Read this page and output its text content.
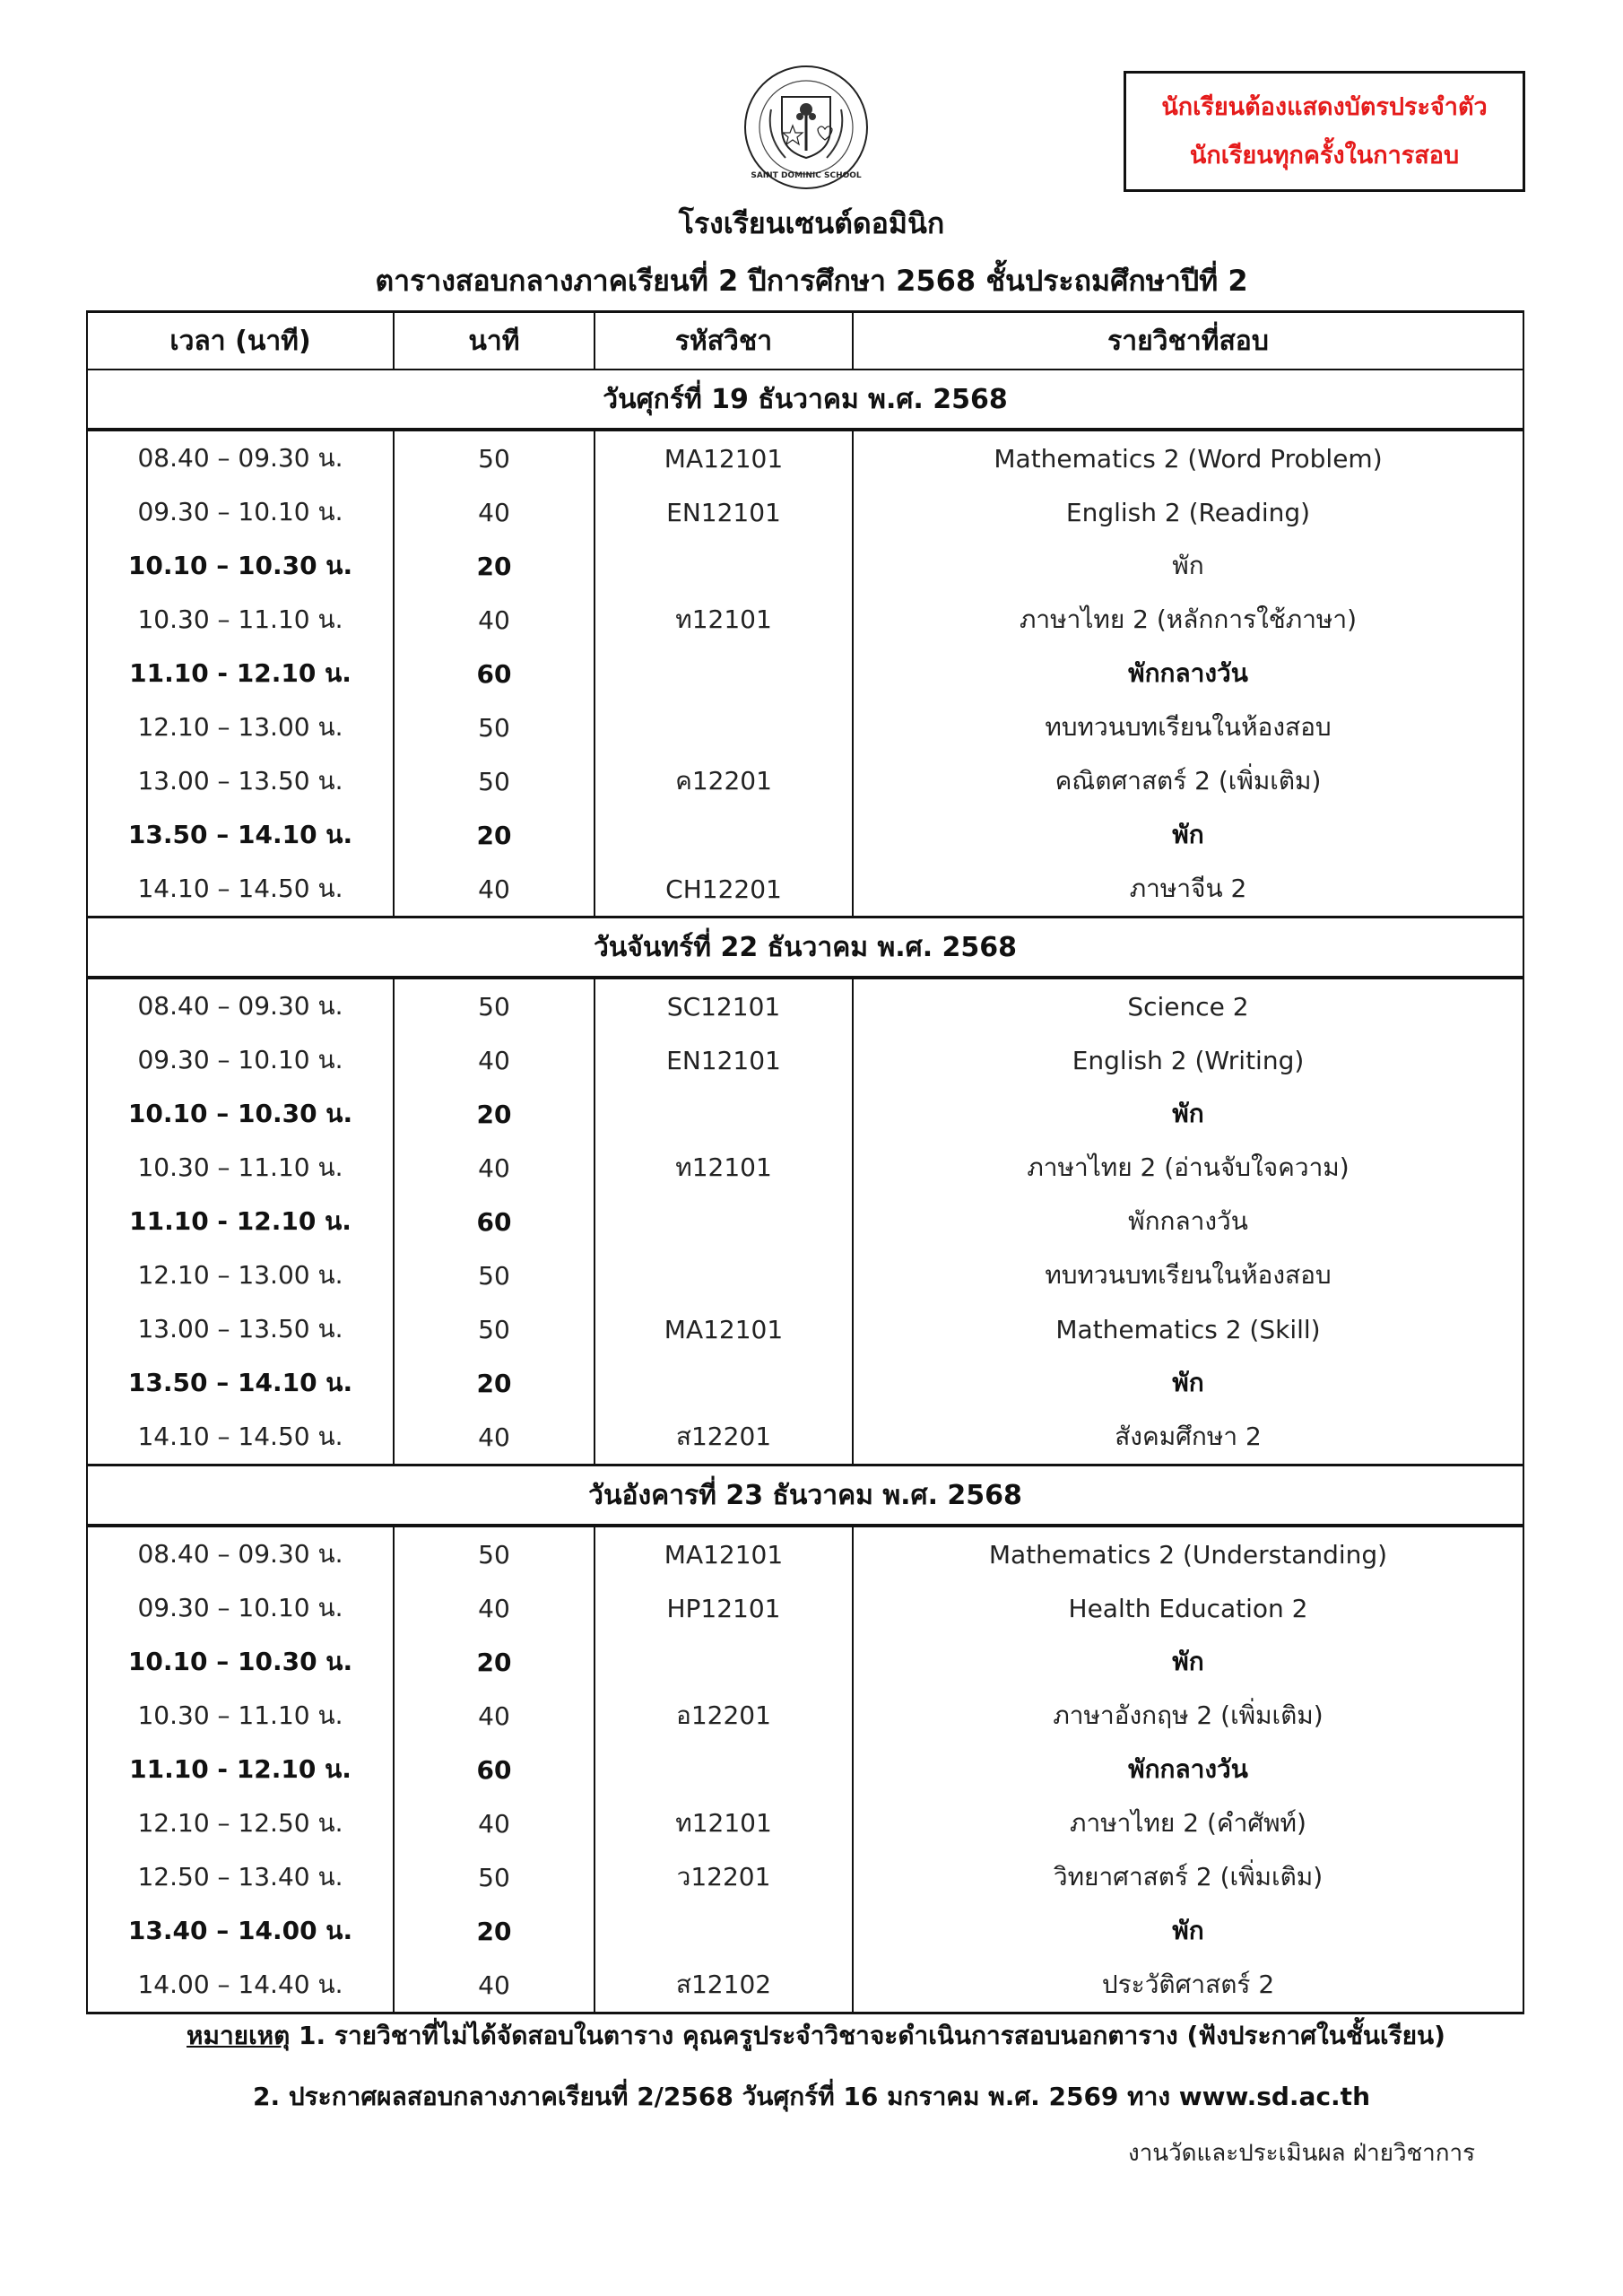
SAINT DOMINIC SCHOOL
นักเรียนต้องแสดงบัตรประจำตัว
นักเรียนทุกครั้งในการสอบ
โรงเรียนเซนต์ดอมินิก
ตารางสอบกลางภาคเรียนที่ 2 ปีการศึกษา 2568 ชั้นประถมศึกษาปีที่ 2
เวลา (นาที)	นาที	รหัสวิชา	รายวิชาที่สอบ
วันศุกร์ที่ 19 ธันวาคม พ.ศ. 2568			
08.40 – 09.30 น.	50	MA12101	Mathematics 2 (Word Problem)
09.30 – 10.10 น.	40	EN12101	English 2 (Reading)
10.10 – 10.30 น.	20		พัก
10.30 – 11.10 น.	40	ท12101	ภาษาไทย 2 (หลักการใช้ภาษา)
11.10 - 12.10 น.	60		พักกลางวัน
12.10 – 13.00 น.	50		ทบทวนบทเรียนในห้องสอบ
13.00 – 13.50 น.	50	ค12201	คณิตศาสตร์ 2 (เพิ่มเติม)
13.50 – 14.10 น.	20		พัก
14.10 – 14.50 น.	40	CH12201	ภาษาจีน 2
วันจันทร์ที่ 22 ธันวาคม พ.ศ. 2568			
08.40 – 09.30 น.	50	SC12101	Science 2
09.30 – 10.10 น.	40	EN12101	English 2 (Writing)
10.10 – 10.30 น.	20		พัก
10.30 – 11.10 น.	40	ท12101	ภาษาไทย 2 (อ่านจับใจความ)
11.10 - 12.10 น.	60		พักกลางวัน
12.10 – 13.00 น.	50		ทบทวนบทเรียนในห้องสอบ
13.00 – 13.50 น.	50	MA12101	Mathematics 2 (Skill)
13.50 – 14.10 น.	20		พัก
14.10 – 14.50 น.	40	ส12201	สังคมศึกษา 2
วันอังคารที่ 23 ธันวาคม พ.ศ. 2568			
08.40 – 09.30 น.	50	MA12101	Mathematics 2 (Understanding)
09.30 – 10.10 น.	40	HP12101	Health Education 2
10.10 – 10.30 น.	20		พัก
10.30 – 11.10 น.	40	อ12201	ภาษาอังกฤษ 2 (เพิ่มเติม)
11.10 - 12.10 น.	60		พักกลางวัน
12.10 – 12.50 น.	40	ท12101	ภาษาไทย 2 (คำศัพท์)
12.50 – 13.40 น.	50	ว12201	วิทยาศาสตร์ 2 (เพิ่มเติม)
13.40 – 14.00 น.	20		พัก
14.00 – 14.40 น.	40	ส12102	ประวัติศาสตร์ 2
หมายเหตุ 1. รายวิชาที่ไม่ได้จัดสอบในตาราง คุณครูประจำวิชาจะดำเนินการสอบนอกตาราง (ฟังประกาศในชั้นเรียน)
2. ประกาศผลสอบกลางภาคเรียนที่ 2/2568 วันศุกร์ที่ 16 มกราคม พ.ศ. 2569 ทาง www.sd.ac.th
งานวัดและประเมินผล ฝ่ายวิชาการ
